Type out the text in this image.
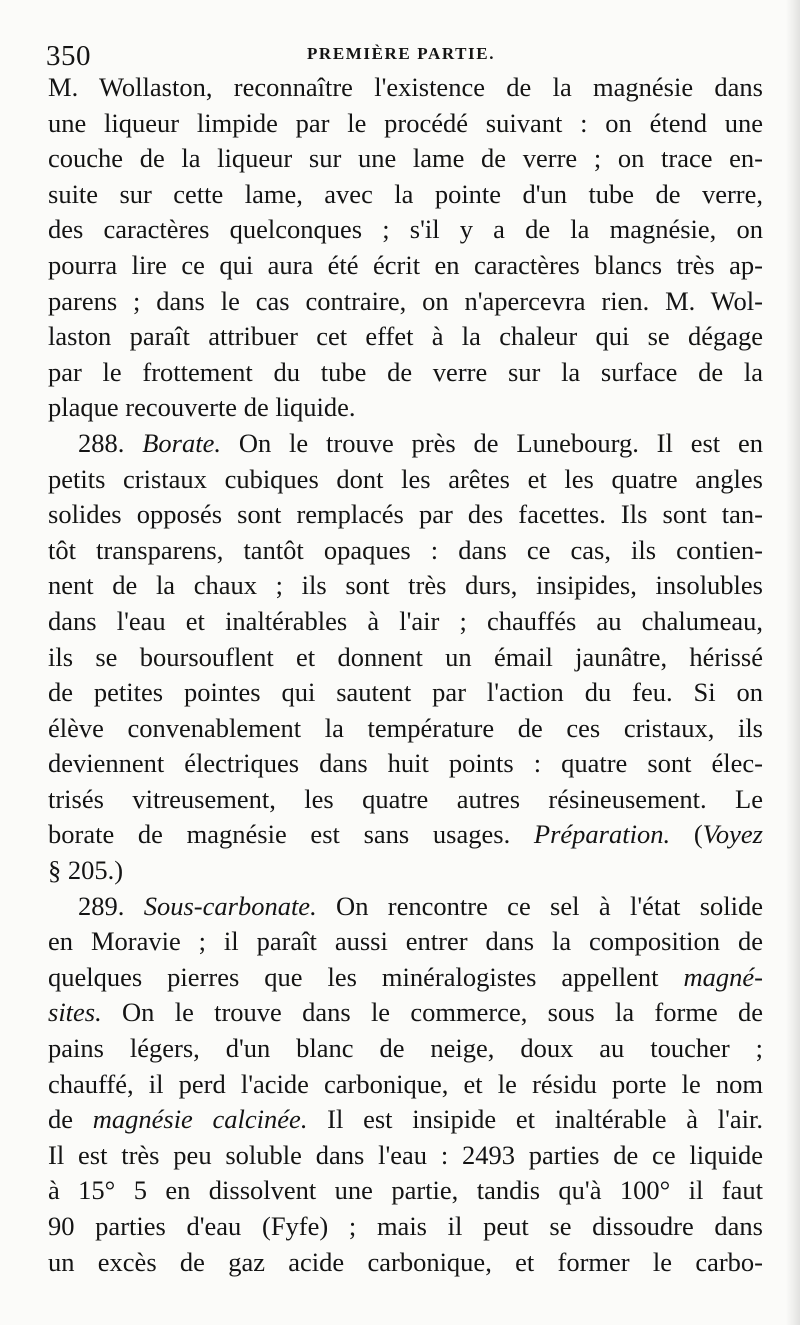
350	PREMIÈRE PARTIE.
M. Wollaston, reconnaître l'existence de la magnésie dans
une liqueur limpide par le procédé suivant : on étend une
couche de la liqueur sur une lame de verre ; on trace en-
suite sur cette lame, avec la pointe d'un tube de verre,
des caractères quelconques ; s'il y a de la magnésie, on
pourra lire ce qui aura été écrit en caractères blancs très ap-
parens ; dans le cas contraire, on n'apercevra rien. M. Wol-
laston paraît attribuer cet effet à la chaleur qui se dégage
par le frottement du tube de verre sur la surface de la
plaque recouverte de liquide.
288. Borate. On le trouve près de Lunebourg. Il est en
petits cristaux cubiques dont les arêtes et les quatre angles
solides opposés sont remplacés par des facettes. Ils sont tan-
tôt transparens, tantôt opaques : dans ce cas, ils contien-
nent de la chaux ; ils sont très durs, insipides, insolubles
dans l'eau et inaltérables à l'air ; chauffés au chalumeau,
ils se boursouflent et donnent un émail jaunâtre, hérissé
de petites pointes qui sautent par l'action du feu. Si on
élève convenablement la température de ces cristaux, ils
deviennent électriques dans huit points : quatre sont élec-
trisés vitreusement, les quatre autres résineusement. Le
borate de magnésie est sans usages. Préparation. (Voyez
§ 205.)
289. Sous-carbonate. On rencontre ce sel à l'état solide
en Moravie ; il paraît aussi entrer dans la composition de
quelques pierres que les minéralogistes appellent magné-
sites. On le trouve dans le commerce, sous la forme de
pains légers, d'un blanc de neige, doux au toucher ;
chauffé, il perd l'acide carbonique, et le résidu porte le nom
de magnésie calcinée. Il est insipide et inaltérable à l'air.
Il est très peu soluble dans l'eau : 2493 parties de ce liquide
à 15° 5 en dissolvent une partie, tandis qu'à 100° il faut
90 parties d'eau (Fyfe) ; mais il peut se dissoudre dans
un excès de gaz acide carbonique, et former le carbo-
